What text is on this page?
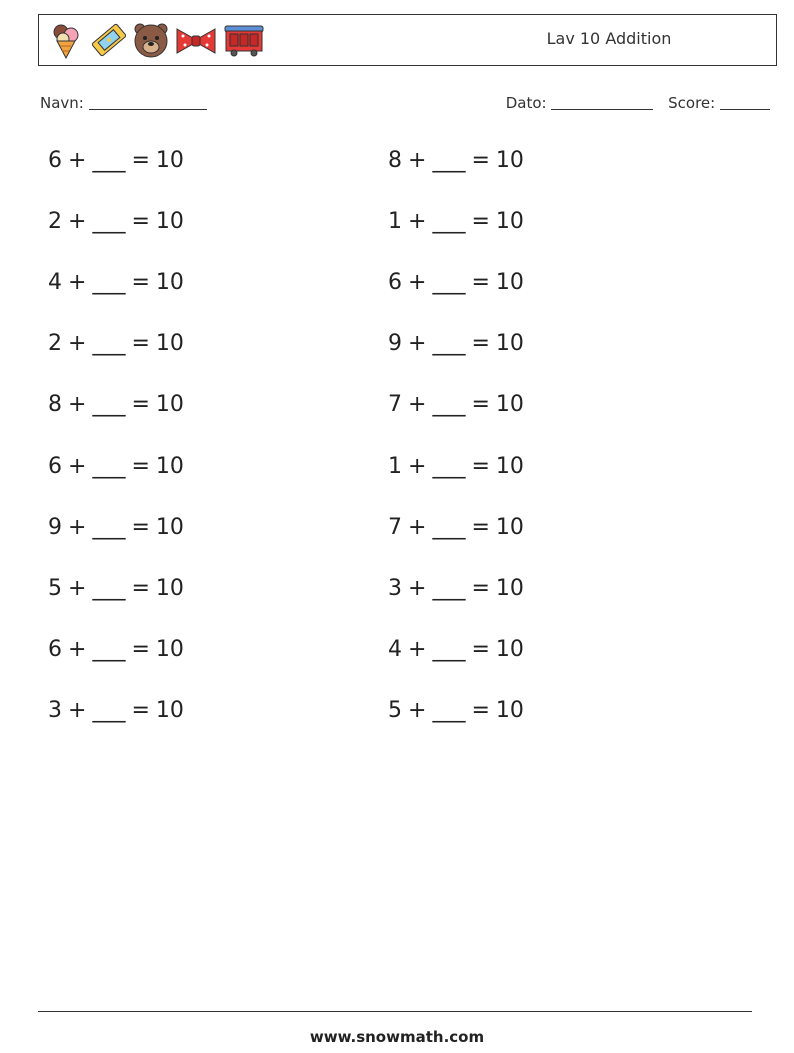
Lav 10 Addition
Navn:	Dato:	Score:
6 + ___ = 10
2 + ___ = 10
4 + ___ = 10
2 + ___ = 10
8 + ___ = 10
6 + ___ = 10
9 + ___ = 10
5 + ___ = 10
6 + ___ = 10
3 + ___ = 10
8 + ___ = 10
1 + ___ = 10
6 + ___ = 10
9 + ___ = 10
7 + ___ = 10
1 + ___ = 10
7 + ___ = 10
3 + ___ = 10
4 + ___ = 10
5 + ___ = 10
www.snowmath.com
